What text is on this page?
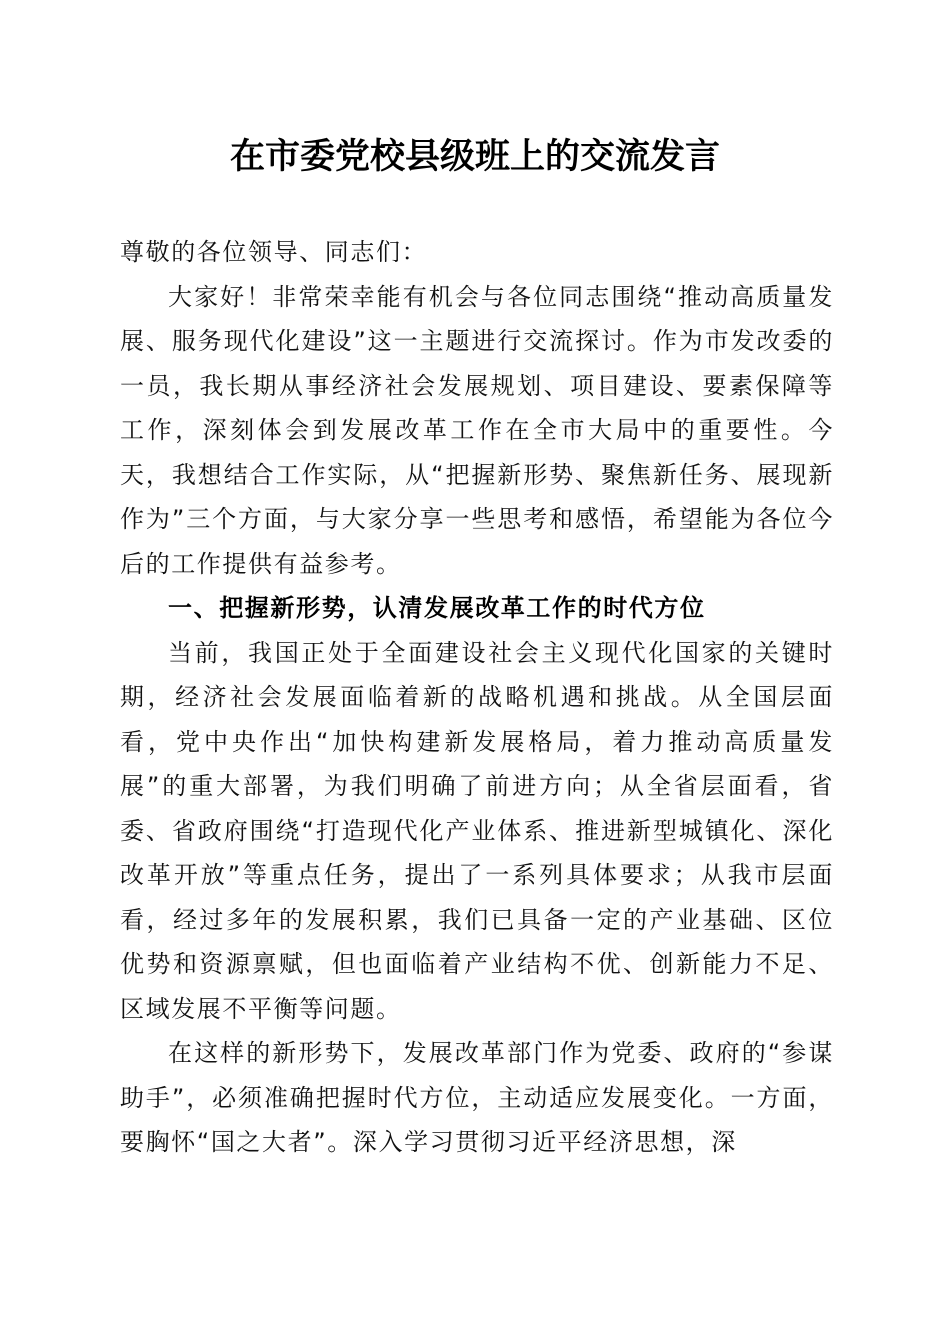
在市委党校县级班上的交流发言

尊敬的各位领导、同志们：

大家好！非常荣幸能有机会与各位同志围绕“推动高质量发展、服务现代化建设”这一主题进行交流探讨。作为市发改委的一员，我长期从事经济社会发展规划、项目建设、要素保障等工作，深刻体会到发展改革工作在全市大局中的重要性。今天，我想结合工作实际，从“把握新形势、聚焦新任务、展现新作为”三个方面，与大家分享一些思考和感悟，希望能为各位今后的工作提供有益参考。

一、把握新形势，认清发展改革工作的时代方位

当前，我国正处于全面建设社会主义现代化国家的关键时期，经济社会发展面临着新的战略机遇和挑战。从全国层面看，党中央作出“加快构建新发展格局，着力推动高质量发展”的重大部署，为我们明确了前进方向；从全省层面看，省委、省政府围绕“打造现代化产业体系、推进新型城镇化、深化改革开放”等重点任务，提出了一系列具体要求；从我市层面看，经过多年的发展积累，我们已具备一定的产业基础、区位优势和资源禀赋，但也面临着产业结构不优、创新能力不足、区域发展不平衡等问题。

在这样的新形势下，发展改革部门作为党委、政府的“参谋助手”，必须准确把握时代方位，主动适应发展变化。一方面，要胸怀“国之大者”。深入学习贯彻习近平经济思想，深
